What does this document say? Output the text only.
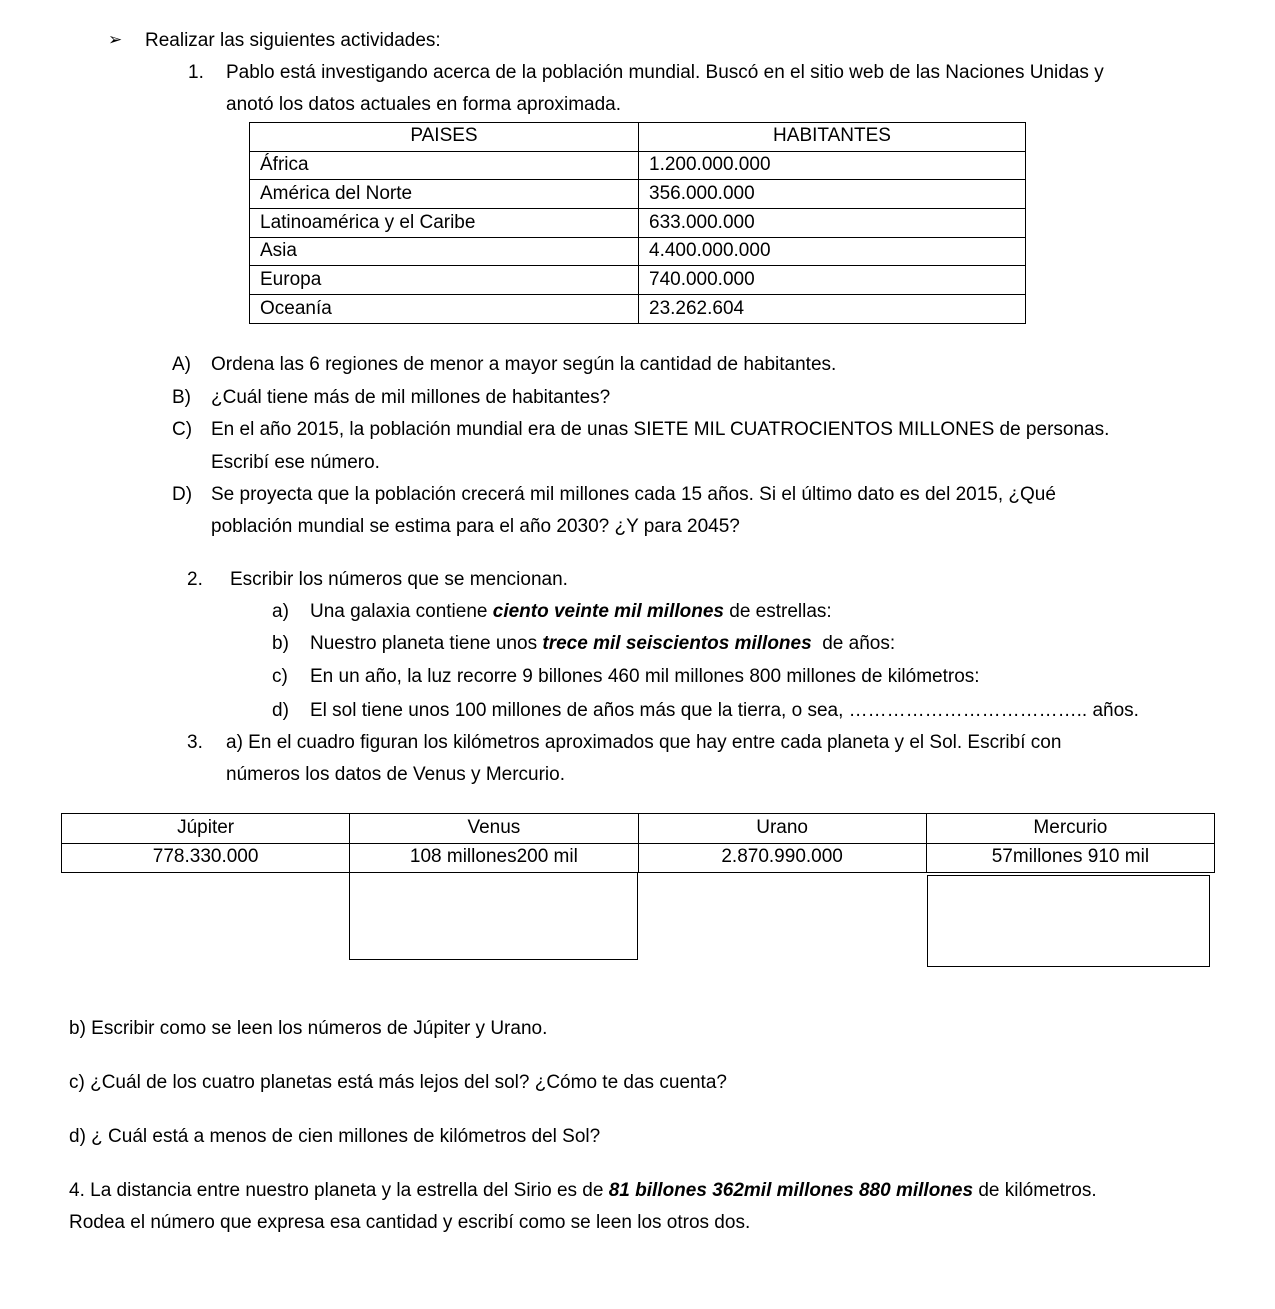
➢ Realizar las siguientes actividades:
1. Pablo está investigando acerca de la población mundial. Buscó en el sitio web de las Naciones Unidas y
anotó los datos actuales en forma aproximada.
PAISES	HABITANTES
África	1.200.000.000
América del Norte	356.000.000
Latinoamérica y el Caribe	633.000.000
Asia	4.400.000.000
Europa	740.000.000
Oceanía	23.262.604
A) Ordena las 6 regiones de menor a mayor según la cantidad de habitantes.
B) ¿Cuál tiene más de mil millones de habitantes?
C) En el año 2015, la población mundial era de unas SIETE MIL CUATROCIENTOS MILLONES de personas.
Escribí ese número.
D) Se proyecta que la población crecerá mil millones cada 15 años. Si el último dato es del 2015, ¿Qué
población mundial se estima para el año 2030? ¿Y para 2045?
2. Escribir los números que se mencionan.
a) Una galaxia contiene ciento veinte mil millones de estrellas:
b) Nuestro planeta tiene unos trece mil seiscientos millones  de años:
c) En un año, la luz recorre 9 billones 460 mil millones 800 millones de kilómetros:
d) El sol tiene unos 100 millones de años más que la tierra, o sea, ……………………………….. años.
3. a) En el cuadro figuran los kilómetros aproximados que hay entre cada planeta y el Sol. Escribí con
números los datos de Venus y Mercurio.
Júpiter	Venus	Urano	Mercurio
778.330.000	108 millones200 mil	2.870.990.000	57millones 910 mil
b) Escribir como se leen los números de Júpiter y Urano.
c) ¿Cuál de los cuatro planetas está más lejos del sol? ¿Cómo te das cuenta?
d) ¿ Cuál está a menos de cien millones de kilómetros del Sol?
4. La distancia entre nuestro planeta y la estrella del Sirio es de 81 billones 362mil millones 880 millones de kilómetros.
Rodea el número que expresa esa cantidad y escribí como se leen los otros dos.
